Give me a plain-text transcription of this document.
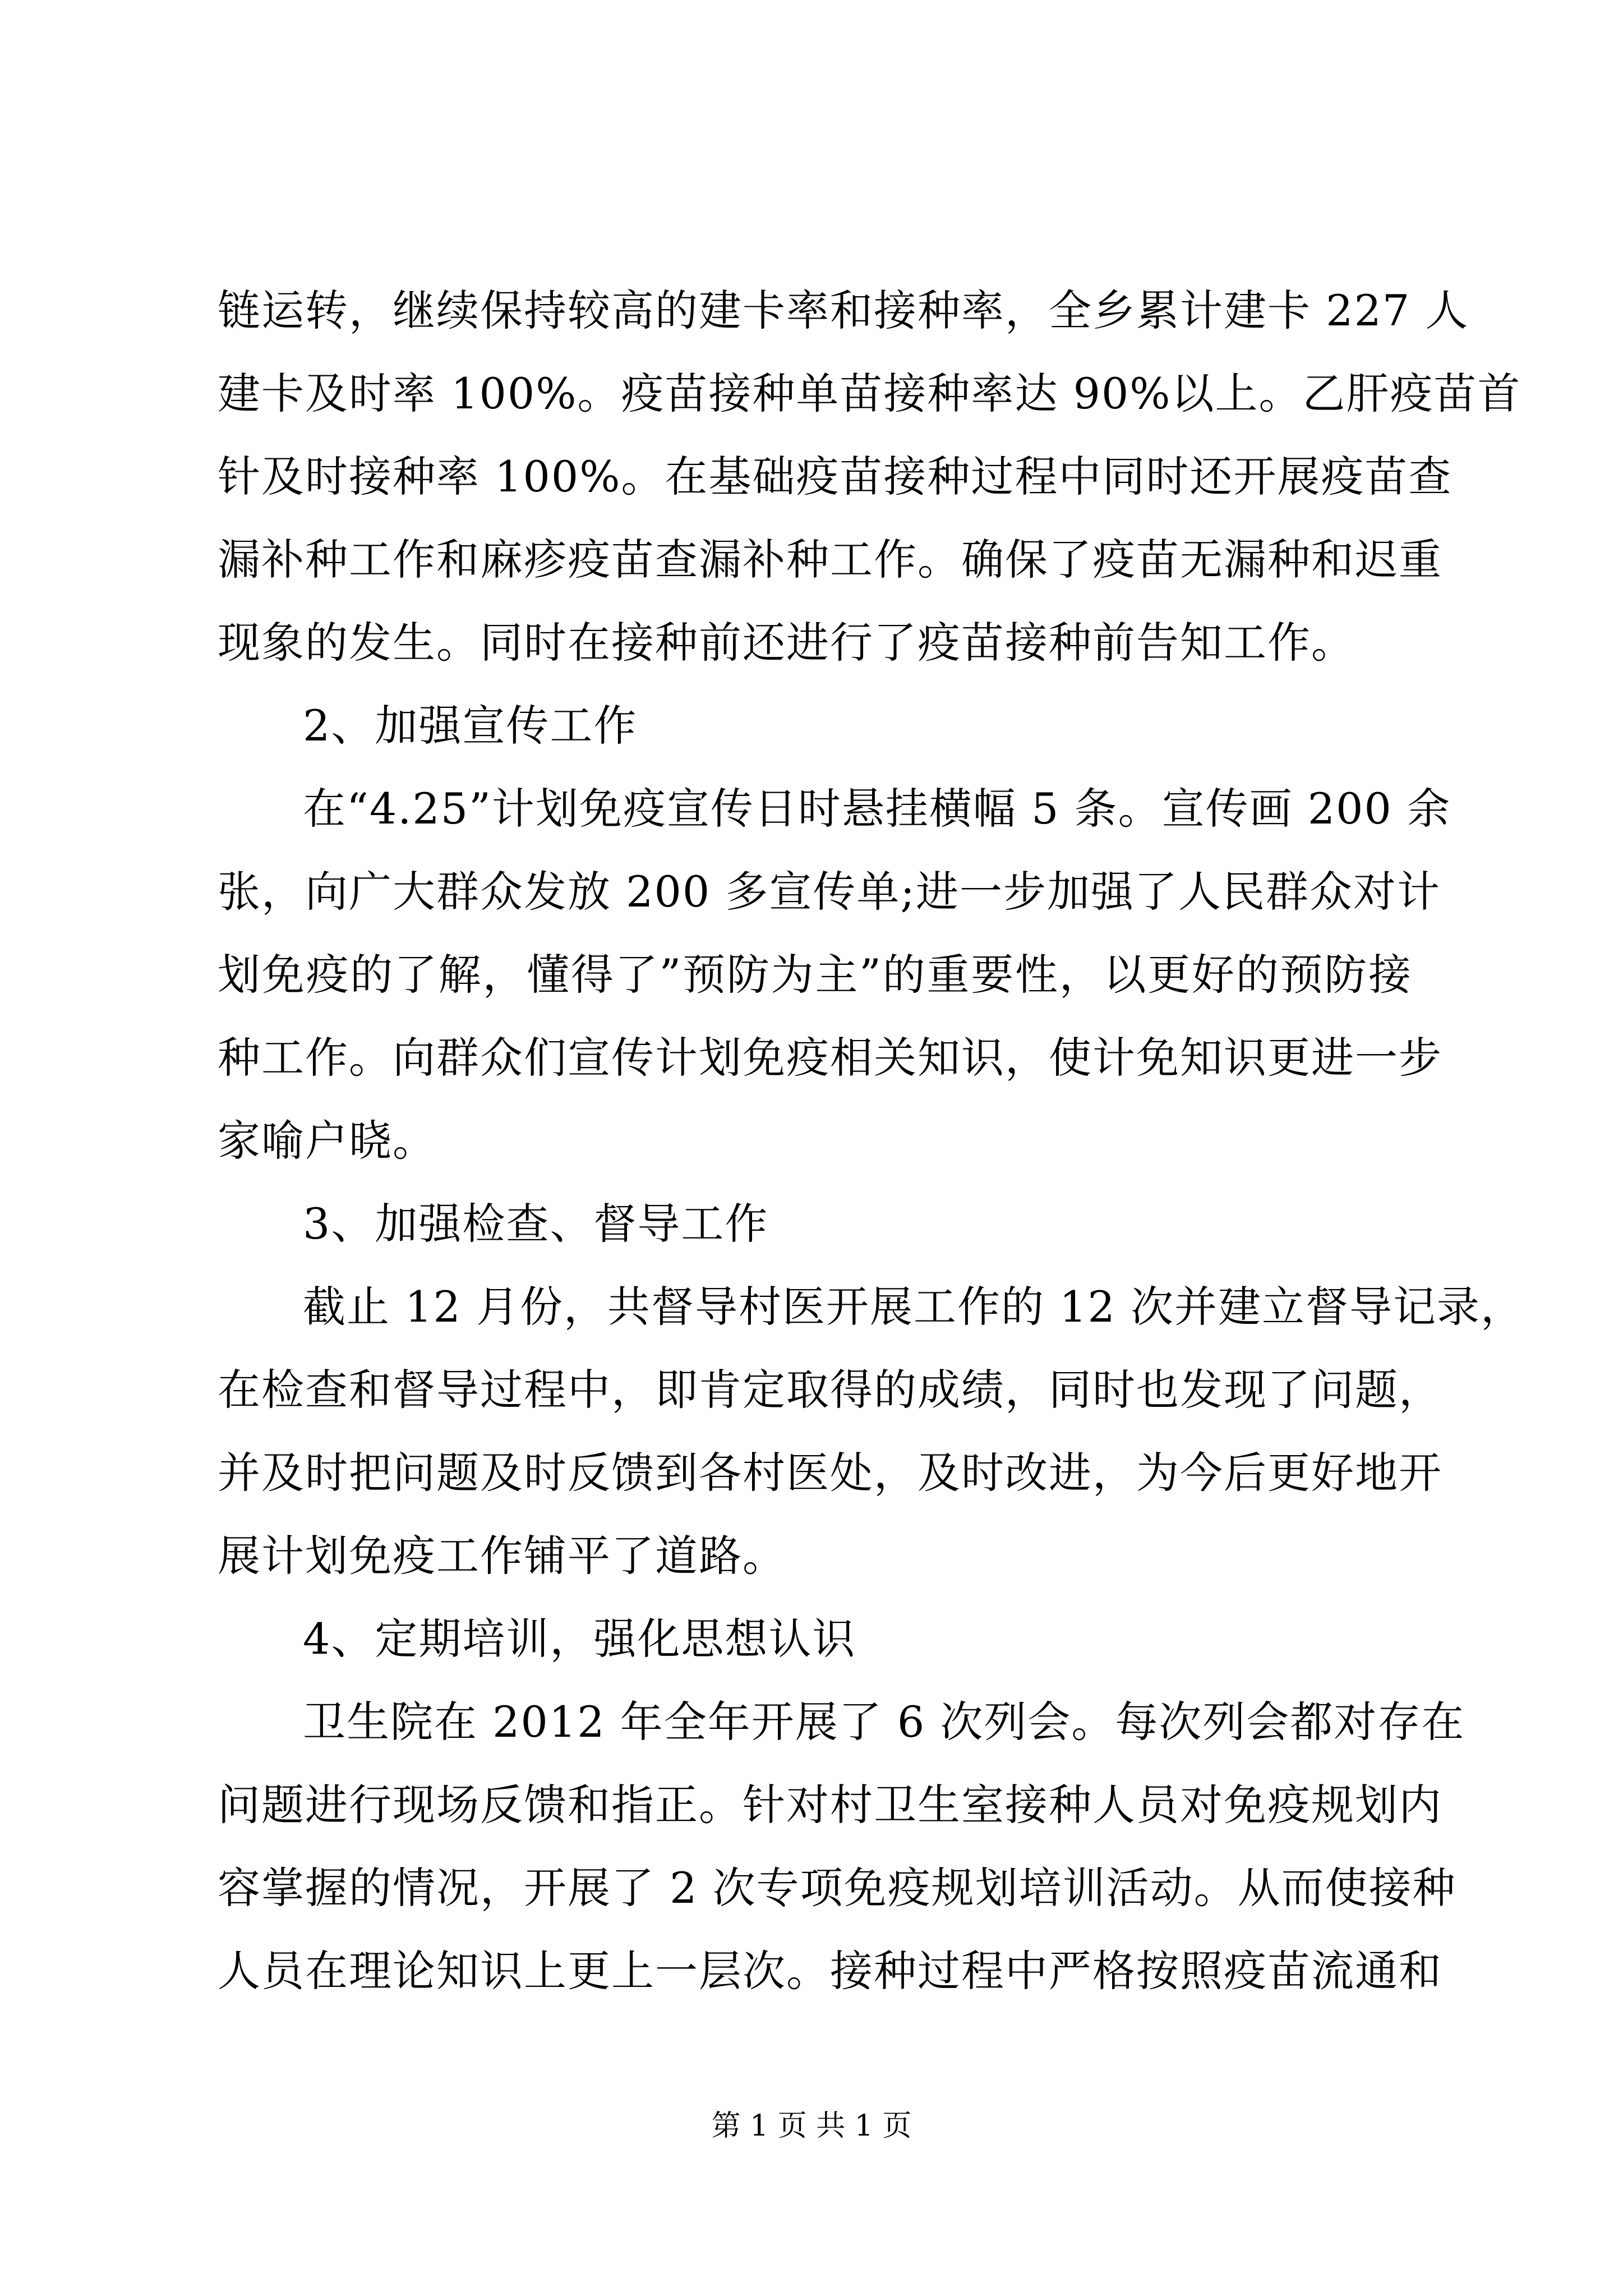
链运转，继续保持较高的建卡率和接种率，全乡累计建卡 227 人
建卡及时率 100%。疫苗接种单苗接种率达 90%以上。乙肝疫苗首
针及时接种率 100%。在基础疫苗接种过程中同时还开展疫苗查
漏补种工作和麻疹疫苗查漏补种工作。确保了疫苗无漏种和迟重
现象的发生。同时在接种前还进行了疫苗接种前告知工作。
2、加强宣传工作
在“4.25”计划免疫宣传日时悬挂横幅 5 条。宣传画 200 余
张，向广大群众发放 200 多宣传单;进一步加强了人民群众对计
划免疫的了解，懂得了”预防为主”的重要性，以更好的预防接
种工作。向群众们宣传计划免疫相关知识，使计免知识更进一步
家喻户晓。
3、加强检查、督导工作
截止 12 月份，共督导村医开展工作的 12 次并建立督导记录，
在检查和督导过程中，即肯定取得的成绩，同时也发现了问题，
并及时把问题及时反馈到各村医处，及时改进，为今后更好地开
展计划免疫工作铺平了道路。
4、定期培训，强化思想认识
卫生院在 2012 年全年开展了 6 次列会。每次列会都对存在
问题进行现场反馈和指正。针对村卫生室接种人员对免疫规划内
容掌握的情况，开展了 2 次专项免疫规划培训活动。从而使接种
人员在理论知识上更上一层次。接种过程中严格按照疫苗流通和
第 1 页 共 1 页
